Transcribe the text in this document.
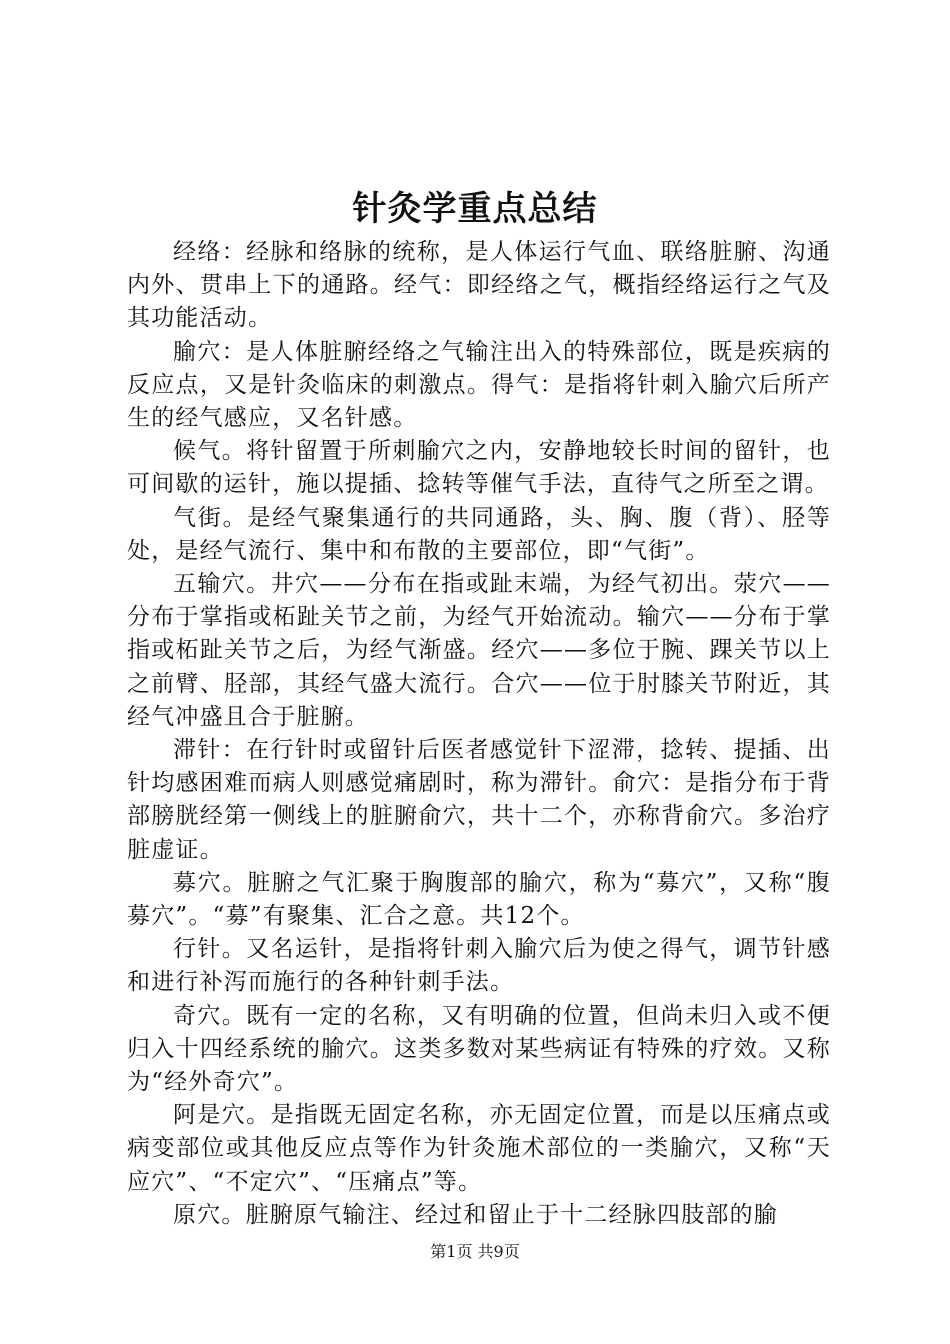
针灸学重点总结

经络：经脉和络脉的统称，是人体运行气血、联络脏腑、沟通内外、贯串上下的通路。经气：即经络之气，概指经络运行之气及其功能活动。

腧穴：是人体脏腑经络之气输注出入的特殊部位，既是疾病的反应点，又是针灸临床的刺激点。得气：是指将针刺入腧穴后所产生的经气感应，又名针感。

候气。将针留置于所刺腧穴之内，安静地较长时间的留针，也可间歇的运针，施以提插、捻转等催气手法，直待气之所至之谓。

气街。是经气聚集通行的共同通路，头、胸、腹（背）、胫等处，是经气流行、集中和布散的主要部位，即“气街”。

五输穴。井穴——分布在指或趾末端，为经气初出。荥穴——分布于掌指或柘趾关节之前，为经气开始流动。输穴——分布于掌指或柘趾关节之后，为经气渐盛。经穴——多位于腕、踝关节以上之前臂、胫部，其经气盛大流行。合穴——位于肘膝关节附近，其经气冲盛且合于脏腑。

滞针：在行针时或留针后医者感觉针下涩滞，捻转、提插、出针均感困难而病人则感觉痛剧时，称为滞针。俞穴：是指分布于背部膀胱经第一侧线上的脏腑俞穴，共十二个，亦称背俞穴。多治疗脏虚证。

募穴。脏腑之气汇聚于胸腹部的腧穴，称为“募穴”，又称“腹募穴”。“募”有聚集、汇合之意。共12个。

行针。又名运针，是指将针刺入腧穴后为使之得气，调节针感和进行补泻而施行的各种针刺手法。

奇穴。既有一定的名称，又有明确的位置，但尚未归入或不便归入十四经系统的腧穴。这类多数对某些病证有特殊的疗效。又称为“经外奇穴”。

阿是穴。是指既无固定名称，亦无固定位置，而是以压痛点或病变部位或其他反应点等作为针灸施术部位的一类腧穴，又称“天应穴”、“不定穴”、“压痛点”等。

原穴。脏腑原气输注、经过和留止于十二经脉四肢部的腧

第1页 共9页
